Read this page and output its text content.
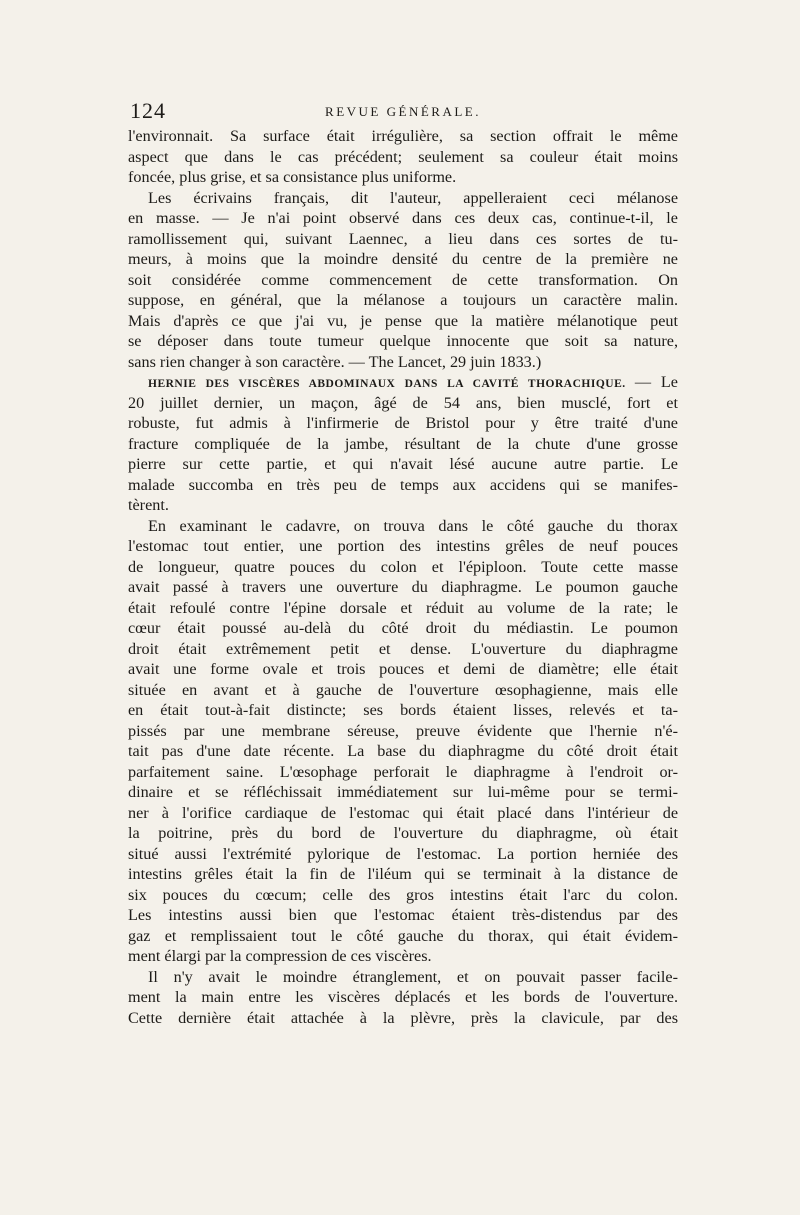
124	REVUE GÉNÉRALE.
l'environnait. Sa surface était irrégulière, sa section offrait le même
aspect que dans le cas précédent; seulement sa couleur était moins
foncée, plus grise, et sa consistance plus uniforme.
Les écrivains français, dit l'auteur, appelleraient ceci mélanose
en masse. — Je n'ai point observé dans ces deux cas, continue-t-il, le
ramollissement qui, suivant Laennec, a lieu dans ces sortes de tu-
meurs, à moins que la moindre densité du centre de la première ne
soit considérée comme commencement de cette transformation. On
suppose, en général, que la mélanose a toujours un caractère malin.
Mais d'après ce que j'ai vu, je pense que la matière mélanotique peut
se déposer dans toute tumeur quelque innocente que soit sa nature,
sans rien changer à son caractère. — The Lancet, 29 juin 1833.)
HERNIE DES VISCÈRES ABDOMINAUX DANS LA CAVITÉ THORACHIQUE. — Le
20 juillet dernier, un maçon, âgé de 54 ans, bien musclé, fort et
robuste, fut admis à l'infirmerie de Bristol pour y être traité d'une
fracture compliquée de la jambe, résultant de la chute d'une grosse
pierre sur cette partie, et qui n'avait lésé aucune autre partie. Le
malade succomba en très peu de temps aux accidens qui se manifes-
tèrent.
En examinant le cadavre, on trouva dans le côté gauche du thorax
l'estomac tout entier, une portion des intestins grêles de neuf pouces
de longueur, quatre pouces du colon et l'épiploon. Toute cette masse
avait passé à travers une ouverture du diaphragme. Le poumon gauche
était refoulé contre l'épine dorsale et réduit au volume de la rate; le
cœur était poussé au-delà du côté droit du médiastin. Le poumon
droit était extrêmement petit et dense. L'ouverture du diaphragme
avait une forme ovale et trois pouces et demi de diamètre; elle était
située en avant et à gauche de l'ouverture œsophagienne, mais elle
en était tout-à-fait distincte; ses bords étaient lisses, relevés et ta-
pissés par une membrane séreuse, preuve évidente que l'hernie n'é-
tait pas d'une date récente. La base du diaphragme du côté droit était
parfaitement saine. L'œsophage perforait le diaphragme à l'endroit or-
dinaire et se réfléchissait immédiatement sur lui-même pour se termi-
ner à l'orifice cardiaque de l'estomac qui était placé dans l'intérieur de
la poitrine, près du bord de l'ouverture du diaphragme, où était
situé aussi l'extrémité pylorique de l'estomac. La portion herniée des
intestins grêles était la fin de l'iléum qui se terminait à la distance de
six pouces du cœcum; celle des gros intestins était l'arc du colon.
Les intestins aussi bien que l'estomac étaient très-distendus par des
gaz et remplissaient tout le côté gauche du thorax, qui était évidem-
ment élargi par la compression de ces viscères.
Il n'y avait le moindre étranglement, et on pouvait passer facile-
ment la main entre les viscères déplacés et les bords de l'ouverture.
Cette dernière était attachée à la plèvre, près la clavicule, par des
